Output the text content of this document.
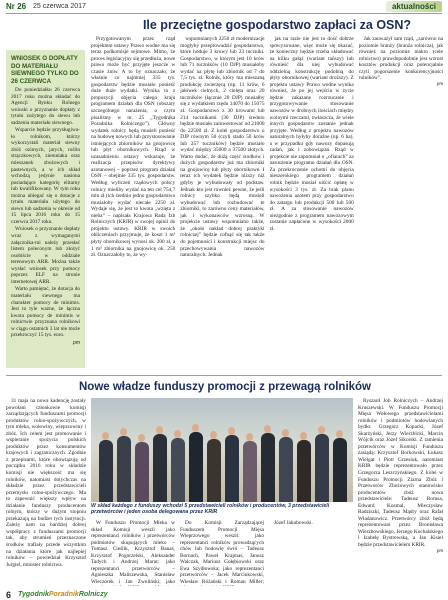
Nr 26 25 czerwca 2017	aktualności
Ile przeciętne gospodarstwo zapłaci za OSN?
WNIOSEK O DOPŁATY DO MATERIAŁU SIEWNEGO TYLKO DO 26 CZERWCA

Do poniedziałku 26 czerwca 2017 roku można składać do Agencji Rynku Rolnego wnioski o przyznanie dopłaty z tytułu zużytego do siewu lub sadzenia materiału siewnego.

Wsparcie będzie przysługiwa-ło rolnikom, którzy wykorzystali materiał siewny zbóż ozimych, jarych, roślin strączkowych, ziemniaka oraz mieszanek zbożowych i pastewnych, a w ich skład wchodzą jedynie nasiona posiadające kategorię elitarny lub kwalifikowany. W tym roku można ubiegać się o dotacje z tytułu materiału użytego do siewu lub sadzenia w okresie od 15 lipca 2016 roku do 15 czerwca 2017 roku.

Wniosek o przyznanie dopłaty wraz z wymaganymi załącznika-mi należy przesłać listem poleconym lub złożyć osobiście w oddziale terenowym ARR. Można także wysłać wniosek przy pomocy poprzez ELF na stronie internetowej ARR.

Warto pamiętać, że dotacja do materiału siewnego ma charakter pomocy de minimis. Jest to tyle ważne, że łączna kwota pomocy de minimis w rolnictwie przyznana rolnikowi w ciągu ostatnich 3 lat nie może przekroczyć 15 tys. euro.

pm

Przygotowanym przez rząd projektem ustawy Prawo wodne ma się teraz podkomisje sejmowe. Mimo, że proces legislacyjny się przedłuża, nowe prawo może być przyjęte jeszcze w czasie żniw. A to by oznaczało, że właśnie co najmniej 335 tys. gospodarstw będzie musiało ponieść duże duże wydatki. Wynika to z propozycji objęcia całego kraju programem działań dla OSN (obszary szczególnego narażenia, o czym pisaliśmy w nr. 25 „Tygodnika Poradnika Rolniczego”). Główny wydatek rolnicy będą musieli ponieść na budowę nowych lub przystosowanie istniejących zbiorników na gnojowicę lub płyt obornikowych. Rząd w uzasadnieniu ustawy wskazuje, że realizacja przepisów dyrektywy azotanowej – poprzez program działań OSN – obejmie 335 tys. gospodarstw. Według wyliczeń rządowych polscy rolnicy mieliby wydać na ten cel 754,7 mln zł (ich średnio jedno gospodarstwo musiałoby wydać niecałe 2250 zł. Wydaje się, że jest to kwota „wzięta z nieba” – napisała Krajowa Rada Izb Rolniczych (KRIR) w swojej opinii do projektu ustawy. KRIR w swoich obliczeniach przyjmuje, że koszt 1 m³ płyty obornikowej wynosi ok. 200 zł, a 1 m³ zbiornika na gnojowicę ok. 250 zł. Oznaczałoby to, że wy-

wspomnianych 2250 zł modernizacje mogłyby przeprowadzić gospodarstwo, które hoduje 3 krowy lub 23 tuczniki. Gospodarstwo, w którym jest 10 krów lub 71 tuczników (10 DJP) musiałoby wydać na płytę lub zbiornik od 7 do 7,5 tys. zł. Rolnik, który ma mieszaną produkcję zwierzęcą (np. 11 krów, 6 jałówek cielnych, 2 cielęta oraz 20 tuczników (łącznie 20 DJP) musiałby się z wydatkiem rzędu 14070 do 15075 zł. Gospodarstwo z 30 krowami lub 214 tucznikami (30 DJP) średnio będzie musiało zainwestować od 21000 do 22500 zł. Z kolei gospodarstwo o DJP równym 50 (czyli stado 50 krów lub 357 tuczników) będzie musiało wydać między 35000 a 37500 złotych. Warto dodać, że dużą część środków i dużych gospodarstw już ma zbiorniki na gnojowicę lub płyty obornikowe. I teraz ich wydatek będzie niższy niż gdyby je wybudowały od podstaw. Jednak kto jest również pewne, że jeśli rolnicy szybko będą musieli wybudować lub rozbudować te zbiorniki, to zarówno ceny materiałów, jak i wykonawców wzrosną. W projekcie ustawy wspomniano także, że „około nakład dobrej praktyki rolniczej” będzie cofnąć się tak także do pojemności i konstrukcji miejsc do przechowywania nawozów naturalnych. Jednak

jak na razie nie jest to dość dobrze sprecyzowane, więc może się okazać, że konieczny będzie trzeba składować na kilku gałąź (wariant tańszy) lub równieść dla niej wybudować oddzielną konstrukcję podobną do płyty obornikowej (wariant droższy). Z projektu ustawy Prawo wodne wynika również, że po jej wejściu w życie będzie zakazane rozrzucanie i przygotowywanie stosowanie nawozów w drobnych ilościach między wolnymi rzeczami, zwłaszcza, że wiele innych gospodarstw zostanie jednak przyjęte. Według z projektu nawozów naturalnych byłyby doraźne (np. 6 ha), a w przypadku gdy nawozy dopasują zadań, jak i zobowiązań. Rząd w projekcie nie zapomniał o „ofiarach” za naruszenie programu działań dla OSN. Za przekroczenie ochotni do objęcia nieszerokiego programem działań rolnik będzie musiał uiścić opłatę w wysokości 3 tys. zł. Za brak planu nawożenia azotem przy gospodarstwo do zatargu lub produkcji 500 lub 500 zł. A za stosowanie nawozów niezgodnie z programem nawozowym zostanie zapłacone w wysokości 2000 zł.

Jak zauważył sam rząd, „zarówno na poziomie branży (branża rolnicza), jak również na poziomie makro (cele rolnictwo) prawdopodobnie jest wzrost kosztów produkcji oraz potencjalnie czyli pogorszenie konkurencyjności rolników”.

pm
Nowe władze funduszy promocji z przewagą rolników

31 maja na nowa kadencję zostały powołani członkowie komisji zarządzających funduszami promocji produktów rolno-spożywczych, w tym mleka, wołowiny, wieprzowiny i zbóż. Ich celem jest promowanie i wspieranie spożycia polskich produktów przez konsumentów krajowych i zagranicznych. Zgodnie z przepisami, które obowiązują od początku 2016 roku w składzie komisji nie większość ma się rolników, natomiast dotychczas na składzie przez przedstawicieli przemysłu rolno-spożywczego. Ma to zapewnić większy wpływ na działanie funduszy producentom rolnym, którzy w dużym stopniu przekazują na budżet tych instytucji. Zależy nam na bardziej dobrej współpracy z funduszami promocji tak, aby strumień przeznaczone środków trafiały przede wszystkim na działania które jak najlepiej rolników – powiedział Krzysztof Jurgiel, minister rolnictwa.

W skład każdego z funduszy wchodzi 5 przedstawicieli rolników i producentów, 3 przedstawicieli przetwórców i jeden osoba delegowana przez KRIR

W Funduszu Promocji Mleka w skład Komisji weszli jako reprezentanci rolników i przetwórców podmiotów skupujących mleko – Tomasz Cieślik, Krzysztof Banaś, Krzysztof Pogorzelski, Aleksander Tadych i Andrzej Marut; jako reprezentanci przetwórców – Agnieszka Maliszewska, Stanisław Wieczorek i Jan Zwoliński; jako

Do Komisji Zarządzającej Funduszem Promocji Mięsa Wieprzowego weszli: jako reprezentanci rolników prowadzących chów lub hodowlę świń – Tadeusz Bornach, Paweł Krajmas, Janusz Walczak, Mariusz Gołębiowski oraz Ewa Szydłowska; jako reprezentanci przetwórców – Jacek Marcinkowski, Wiesław Różański i Roman Miller;

Józef Jakubowski.

Ryszard Job Rolniczych – Andrzej Kruszewski. W Funduszu Promocji Mięsa Wołowego przedstawicielami rolników i podmiotów hodowlanych bydło: Grzegorz Kopacki, Józef Skarżyński, Jerzy Wierzbicki, Marcin Wójcik oraz Józef Sikorski. Z ramienia przetwórców w Komisji Funduszu zasiądą: Krzysztof Borkowski, Łukasz Wielgat i Piotr Grzesiuk, natomiast KRIR będzie reprezentowało przez Grzegorza Leszczyńskiego. Z kolei w Funduszu Promocji Ziarna Zbóż i Przetworów Zbożowych stanowisko producentów zbóż nowa przedstawiciele: Tadeusz Borusa, Edward Kosmal, Mieczysław Radziszki, Tadeusz Mądry oraz Rafał Władanowicz. Przetwórcy zbóż będą reprezentowani przez Bronisława Wierzbowskiego, Jerzego Kochalskiego i Izabelę Bystrewską, a Jan Kisiel będzie przedstawicielem KRIR.

pm
6 TygodnikPoradnikRolniczy
